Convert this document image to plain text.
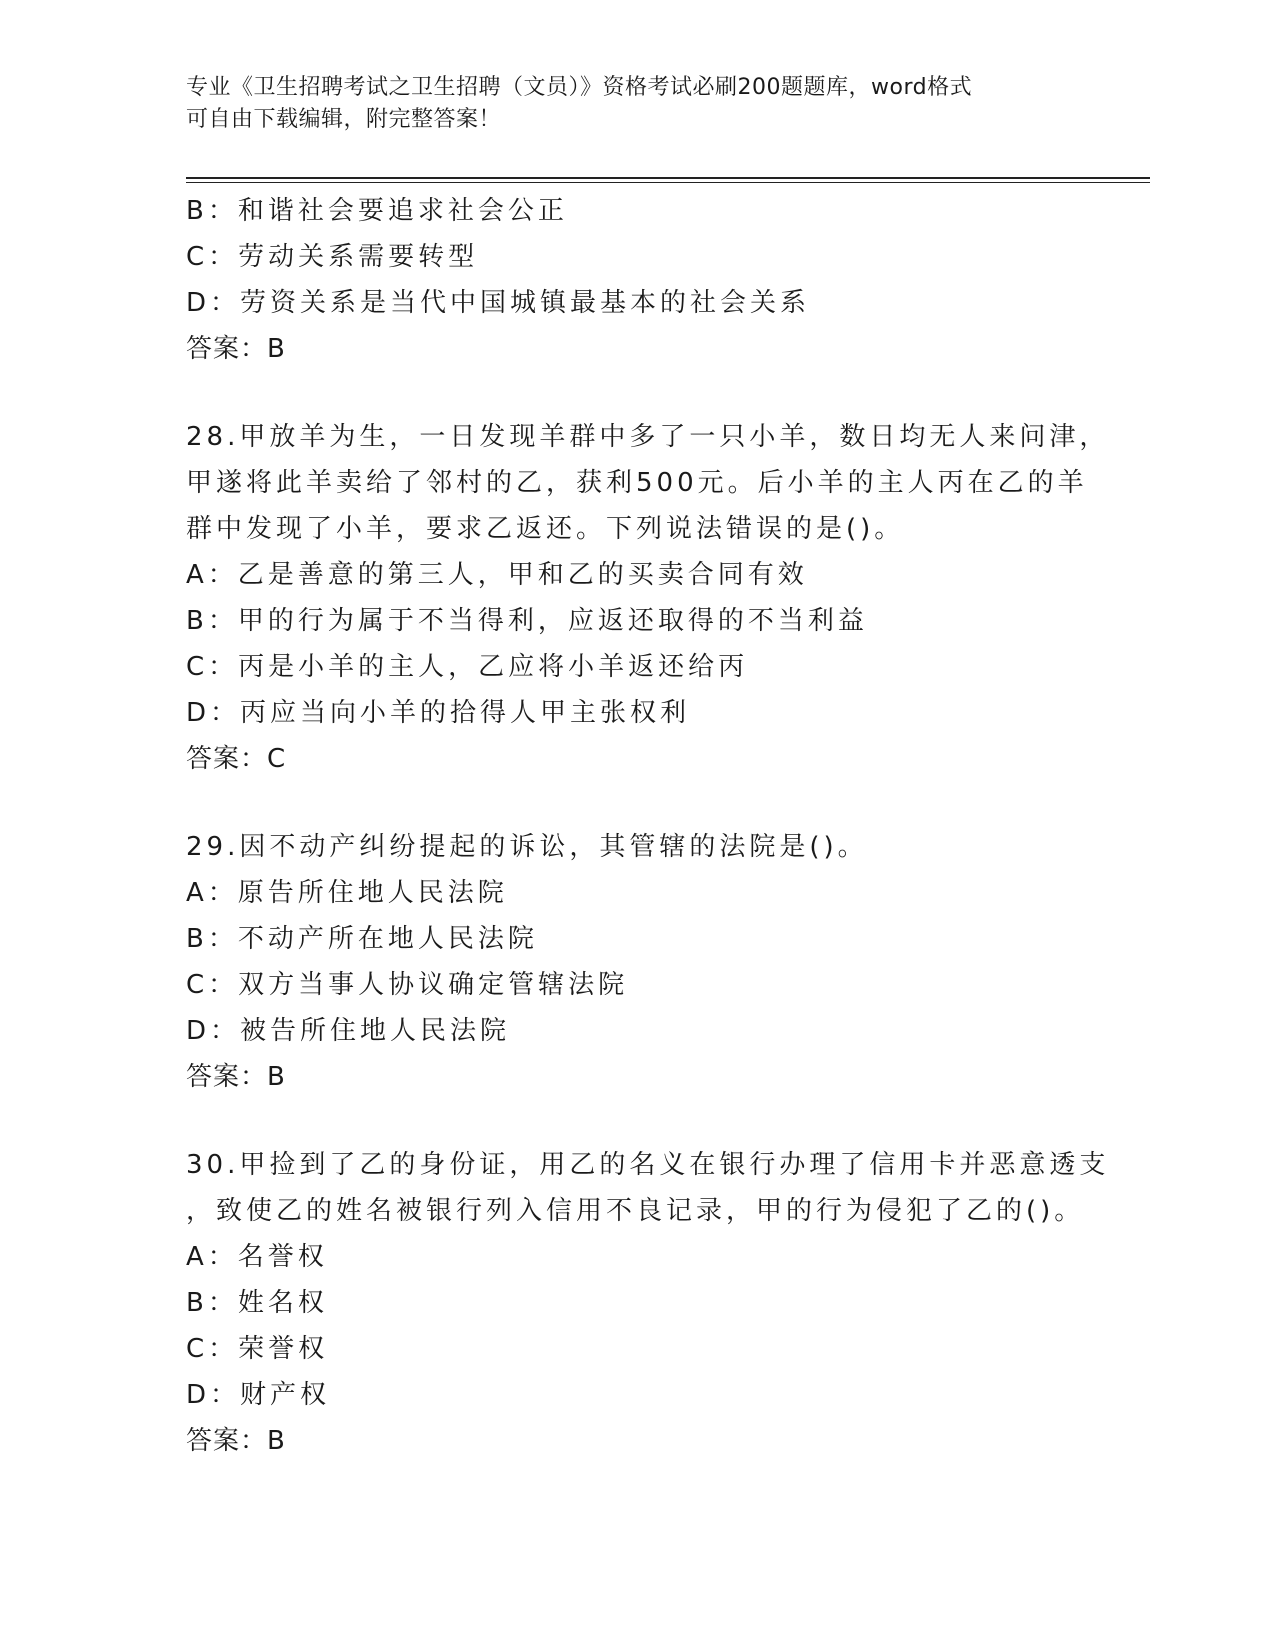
专业《卫生招聘考试之卫生招聘（文员）》资格考试必刷200题题库，word格式
可自由下载编辑，附完整答案！
B：和谐社会要追求社会公正
C：劳动关系需要转型
D：劳资关系是当代中国城镇最基本的社会关系
答案：B
28.甲放羊为生，一日发现羊群中多了一只小羊，数日均无人来问津，
甲遂将此羊卖给了邻村的乙，获利500元。后小羊的主人丙在乙的羊
群中发现了小羊，要求乙返还。下列说法错误的是()。
A：乙是善意的第三人，甲和乙的买卖合同有效
B：甲的行为属于不当得利，应返还取得的不当利益
C：丙是小羊的主人，乙应将小羊返还给丙
D：丙应当向小羊的拾得人甲主张权利
答案：C
29.因不动产纠纷提起的诉讼，其管辖的法院是()。
A：原告所住地人民法院
B：不动产所在地人民法院
C：双方当事人协议确定管辖法院
D：被告所住地人民法院
答案：B
30.甲捡到了乙的身份证，用乙的名义在银行办理了信用卡并恶意透支
，致使乙的姓名被银行列入信用不良记录，甲的行为侵犯了乙的()。
A：名誉权
B：姓名权
C：荣誉权
D：财产权
答案：B
